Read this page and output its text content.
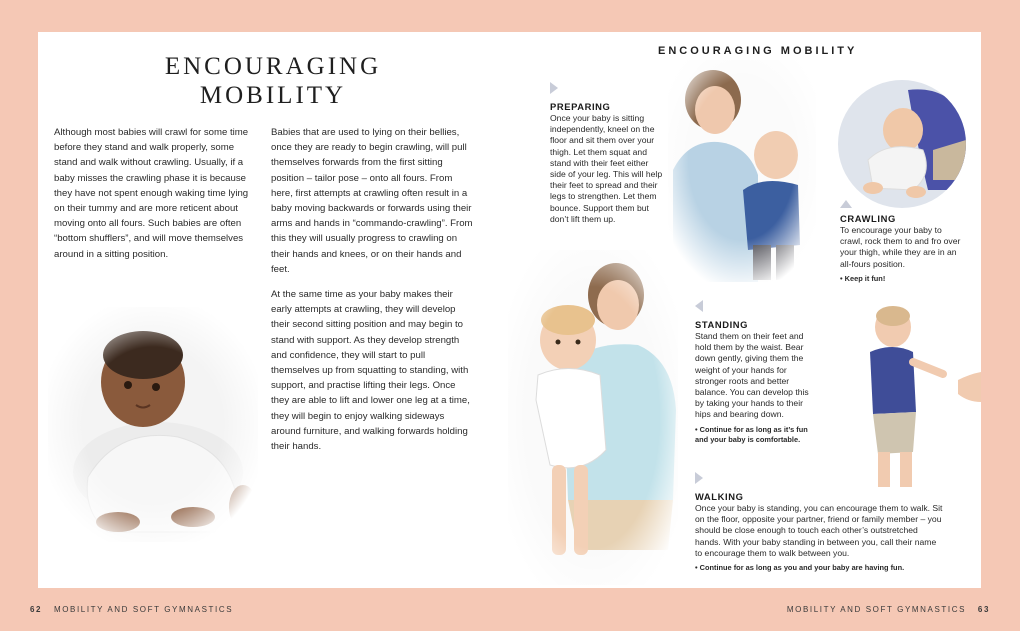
ENCOURAGING
MOBILITY

Although most babies will crawl for some time before they stand and walk properly, some stand and walk without crawling. Usually, if a baby misses the crawling phase it is because they have not spent enough waking time lying on their tummy and are more reticent about moving onto all fours. Such babies are often “bottom shufflers”, and will move themselves around in a sitting position.

Babies that are used to lying on their bellies, once they are ready to begin crawling, will pull themselves forwards from the first sitting position – tailor pose – onto all fours. From here, first attempts at crawling often result in a baby moving backwards or forwards using their arms and hands in “commando-crawling”. From this they will usually progress to crawling on their hands and knees, or on their hands and feet.

At the same time as your baby makes their early attempts at crawling, they will develop their second sitting position and may begin to stand with support. As they develop strength and confidence, they will start to pull themselves up from squatting to standing, with support, and practise lifting their legs. Once they are able to lift and lower one leg at a time, they will begin to enjoy walking sideways around furniture, and walking forwards holding their hands.

ENCOURAGING MOBILITY
PREPARING
Once your baby is sitting independently, kneel on the floor and sit them over your thigh. Let them squat and stand with their feet either side of your leg. This will help their feet to spread and their legs to strengthen. Let them bounce. Support them but don’t lift them up.	CRAWLING
To encourage your baby to crawl, rock them to and fro over your thigh, while they are in an all-fours position.
• Keep it fun!
STANDING
Stand them on their feet and hold them by the waist. Bear down gently, giving them the weight of your hands for stronger roots and better balance. You can develop this by taking your hands to their hips and bearing down.
• Continue for as long as it’s fun and your baby is comfortable.
WALKING
Once your baby is standing, you can encourage them to walk. Sit on the floor, opposite your partner, friend or family member – you should be close enough to touch each other’s outstretched hands. With your baby standing in between you, call their name to encourage them to walk between you.
• Continue for as long as you and your baby are having fun.
62 MOBILITY AND SOFT GYMNASTICS	MOBILITY AND SOFT GYMNASTICS 63
